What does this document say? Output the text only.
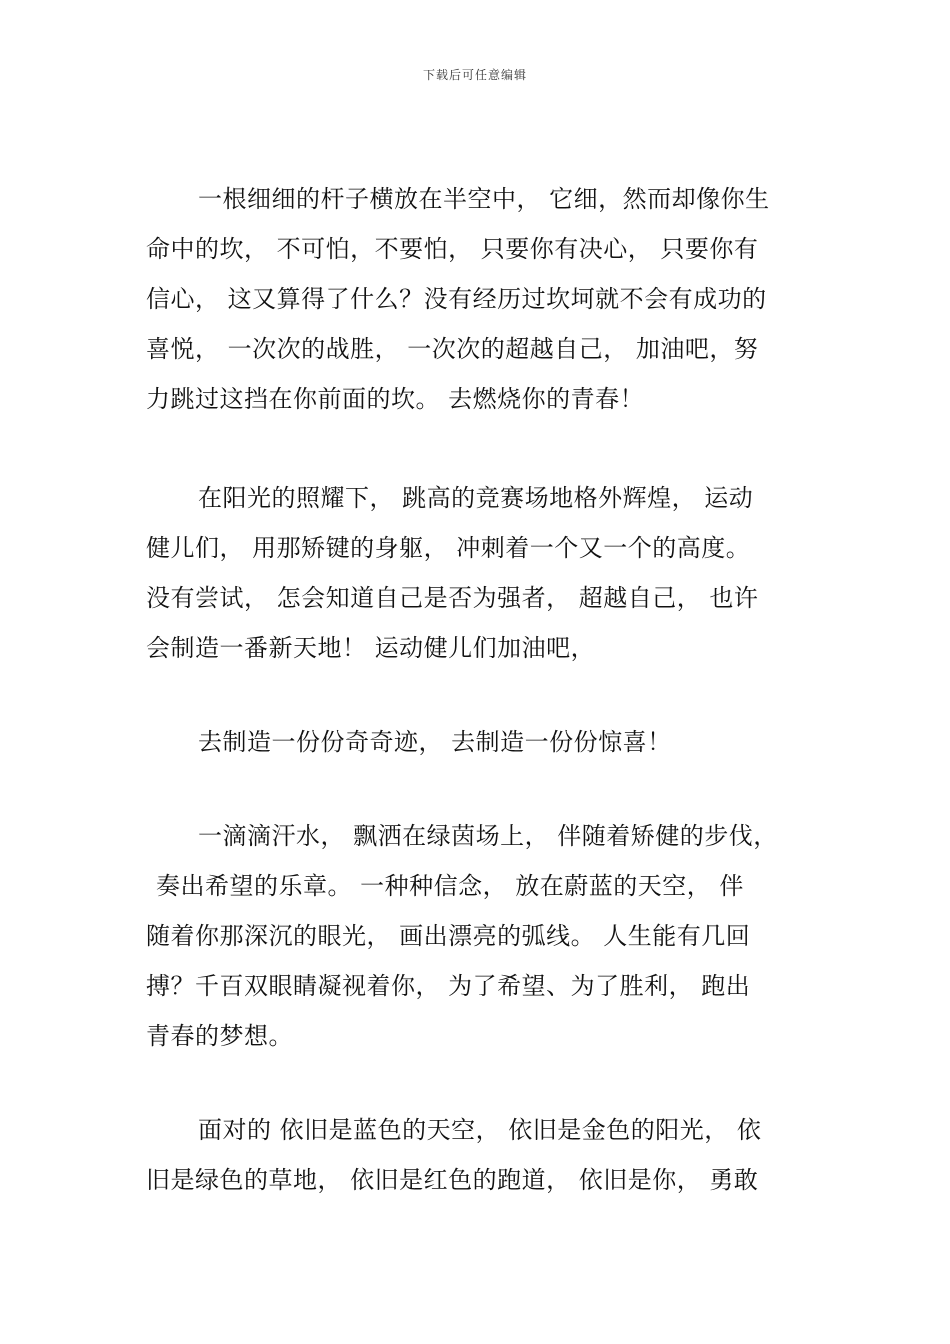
下载后可任意编辑
一根细细的杆子横放在半空中， 它细，然而却像你生
命中的坎， 不可怕，不要怕， 只要你有决心， 只要你有
信心， 这又算得了什么？没有经历过坎坷就不会有成功的
喜悦， 一次次的战胜， 一次次的超越自己， 加油吧，努
力跳过这挡在你前面的坎。 去燃烧你的青春！
在阳光的照耀下， 跳高的竞赛场地格外辉煌， 运动
健儿们， 用那矫键的身躯， 冲刺着一个又一个的高度。
没有尝试， 怎会知道自己是否为强者， 超越自己， 也许
会制造一番新天地！ 运动健儿们加油吧，
去制造一份份奇奇迹， 去制造一份份惊喜！
一滴滴汗水， 飘洒在绿茵场上， 伴随着矫健的步伐，
奏出希望的乐章。 一种种信念， 放在蔚蓝的天空， 伴
随着你那深沉的眼光， 画出漂亮的弧线。 人生能有几回
搏？千百双眼睛凝视着你， 为了希望、为了胜利， 跑出
青春的梦想。
面对的 依旧是蓝色的天空， 依旧是金色的阳光， 依
旧是绿色的草地， 依旧是红色的跑道， 依旧是你， 勇敢
